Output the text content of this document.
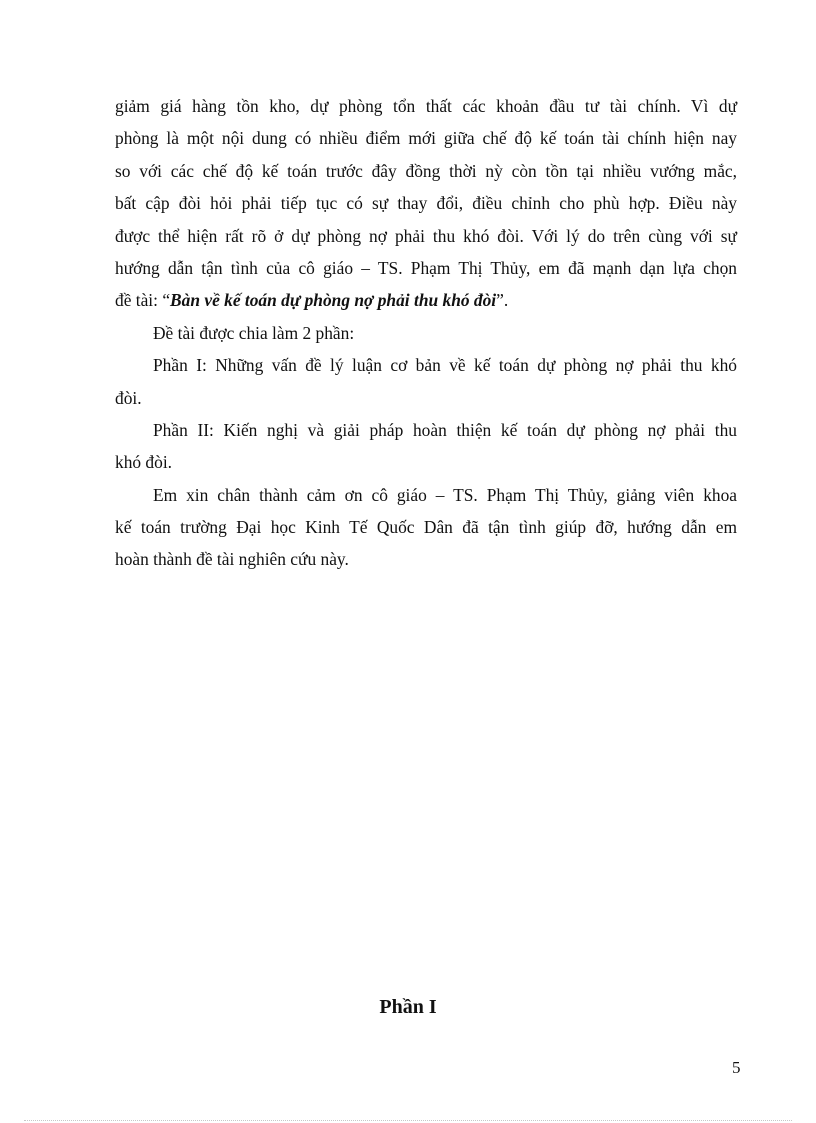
giảm giá hàng tồn kho, dự phòng tổn thất các khoản đầu tư tài chính. Vì dự
phòng là một nội dung có nhiều điểm mới giữa chế độ kế toán tài chính hiện nay
so với các chế độ kế toán trước đây đồng thời nỳ còn tồn tại nhiều vướng mắc,
bất cập đòi hỏi phải tiếp tục có sự thay đổi, điều chỉnh cho phù hợp. Điều này
được thể hiện rất rõ ở dự phòng nợ phải thu khó đòi. Với lý do trên cùng với sự
hướng dẫn tận tình của cô giáo – TS. Phạm Thị Thủy, em đã mạnh dạn lựa chọn
đề tài: “Bàn về kế toán dự phòng nợ phải thu khó đòi”.
Đề tài được chia làm 2 phần:
Phần I: Những vấn đề lý luận cơ bản về kế toán dự phòng nợ phải thu khó
đòi.
Phần II: Kiến nghị và giải pháp hoàn thiện kế toán dự phòng nợ phải thu
khó đòi.
Em xin chân thành cảm ơn cô giáo – TS. Phạm Thị Thủy, giảng viên khoa
kế toán trường Đại học Kinh Tế Quốc Dân đã tận tình giúp đỡ, hướng dẫn em
hoàn thành đề tài nghiên cứu này.
Phần I
5
